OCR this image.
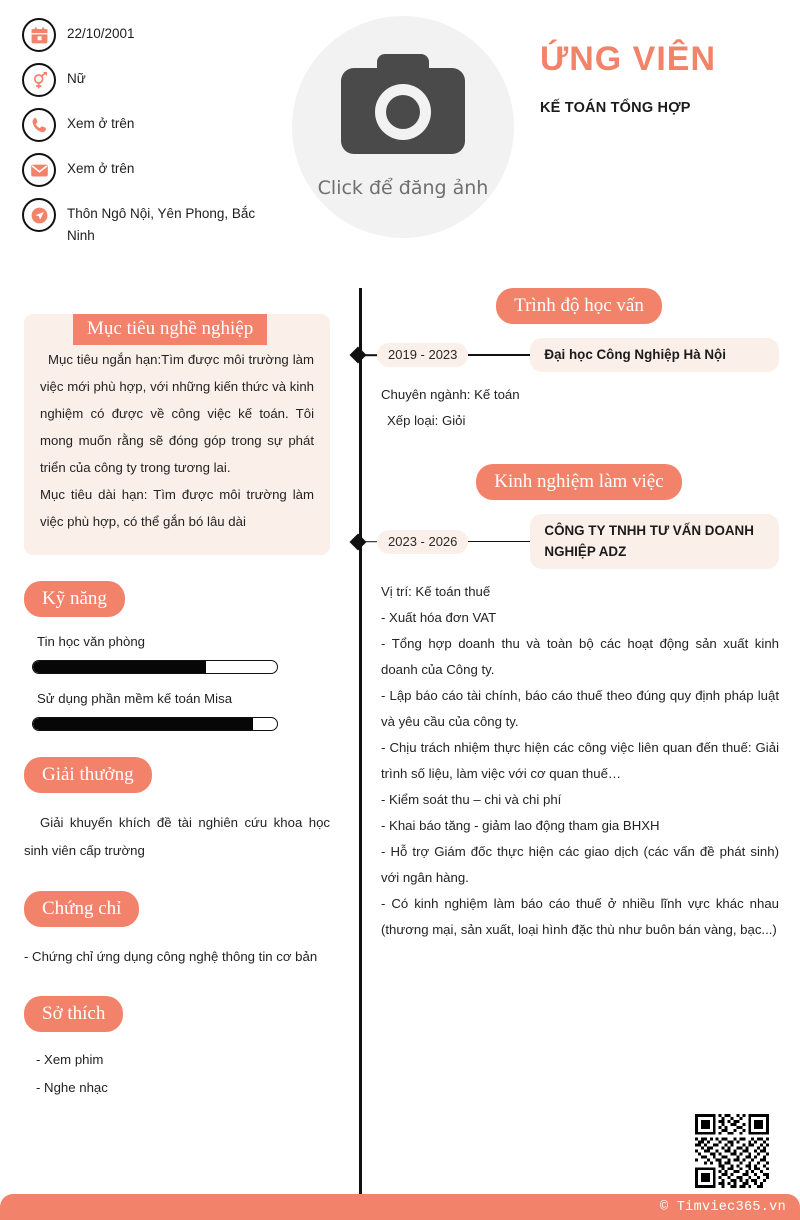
22/10/2001
Nữ
Xem ở trên
Xem ở trên
Thôn Ngô Nội, Yên Phong, Bắc Ninh
Click để đăng ảnh
ỨNG VIÊN
KẾ TOÁN TỔNG HỢP
Mục tiêu nghề nghiệp

Mục tiêu ngắn hạn:Tìm được môi trường làm việc mới phù hợp, với những kiến thức và kinh nghiệm có được về công việc kế toán. Tôi mong muốn rằng sẽ đóng góp trong sự phát triển của công ty trong tương lai.

Mục tiêu dài hạn: Tìm được môi trường làm việc phù hợp, có thể gắn bó lâu dài

Kỹ năng
Tin học văn phòng
Sử dụng phần mềm kế toán Misa
Giải thưởng
Giải khuyến khích đề tài nghiên cứu khoa học sinh viên cấp trường
Chứng chỉ
- Chứng chỉ ứng dụng công nghệ thông tin cơ bản
Sở thích
- Xem phim
- Nghe nhạc
Trình độ học vấn
2019 - 2023	Đại học Công Nghiệp Hà Nội
Chuyên ngành: Kế toán
Xếp loại: Giỏi
Kinh nghiệm làm việc
2023 - 2026
CÔNG TY TNHH TƯ VẤN DOANH NGHIỆP ADZ
Vị trí: Kế toán thuế
- Xuất hóa đơn VAT
- Tổng hợp doanh thu và toàn bộ các hoạt động sản xuất kinh doanh của Công ty.
- Lập báo cáo tài chính, báo cáo thuế theo đúng quy định pháp luật và yêu cầu của công ty.
- Chịu trách nhiệm thực hiện các công việc liên quan đến thuế: Giải trình số liệu, làm việc với cơ quan thuế…
- Kiểm soát thu – chi và chi phí
- Khai báo tăng - giảm lao động tham gia BHXH
- Hỗ trợ Giám đốc thực hiện các giao dịch (các vấn đề phát sinh) với ngân hàng.
- Có kinh nghiệm làm báo cáo thuế ở nhiều lĩnh vực khác nhau (thương mại, sản xuất, loại hình đặc thù như buôn bán vàng, bạc...)
© Timviec365.vn
